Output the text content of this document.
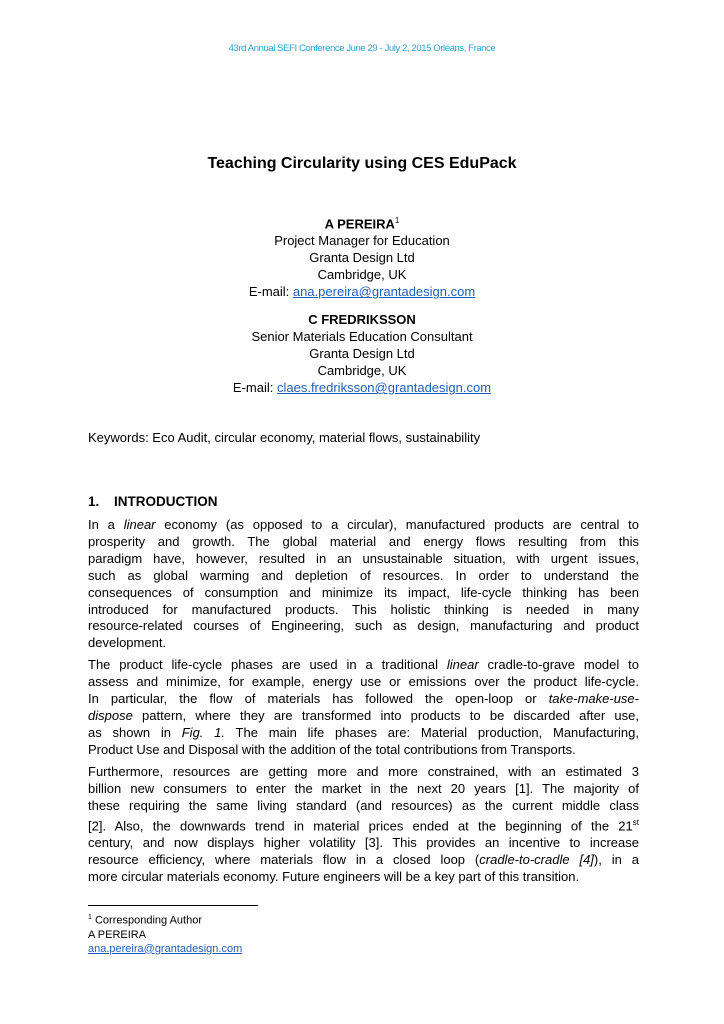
43rd Annual SEFI Conference June 29 - July 2, 2015 Orléans, France
Teaching Circularity using CES EduPack
A PEREIRA$^1$
Project Manager for Education
Granta Design Ltd
Cambridge, UK
E-mail: ana.pereira@grantadesign.com
C FREDRIKSSON
Senior Materials Education Consultant
Granta Design Ltd
Cambridge, UK
E-mail: claes.fredriksson@grantadesign.com
Keywords: Eco Audit, circular economy, material flows, sustainability
1. INTRODUCTION
In a linear economy (as opposed to a circular), manufactured products are central to
prosperity and growth. The global material and energy flows resulting from this
paradigm have, however, resulted in an unsustainable situation, with urgent issues,
such as global warming and depletion of resources. In order to understand the
consequences of consumption and minimize its impact, life-cycle thinking has been
introduced for manufactured products. This holistic thinking is needed in many
resource-related courses of Engineering, such as design, manufacturing and product
development.
The product life-cycle phases are used in a traditional linear cradle-to-grave model to
assess and minimize, for example, energy use or emissions over the product life-cycle.
In particular, the flow of materials has followed the open-loop or take-make-use-
dispose pattern, where they are transformed into products to be discarded after use,
as shown in Fig. 1. The main life phases are: Material production, Manufacturing,
Product Use and Disposal with the addition of the total contributions from Transports.
Furthermore, resources are getting more and more constrained, with an estimated 3
billion new consumers to enter the market in the next 20 years [1]. The majority of
these requiring the same living standard (and resources) as the current middle class
[2]. Also, the downwards trend in material prices ended at the beginning of the 21st
century, and now displays higher volatility [3]. This provides an incentive to increase
resource efficiency, where materials flow in a closed loop (cradle-to-cradle [4]), in a
more circular materials economy. Future engineers will be a key part of this transition.
$^1$ Corresponding Author
A PEREIRA
ana.pereira@grantadesign.com
